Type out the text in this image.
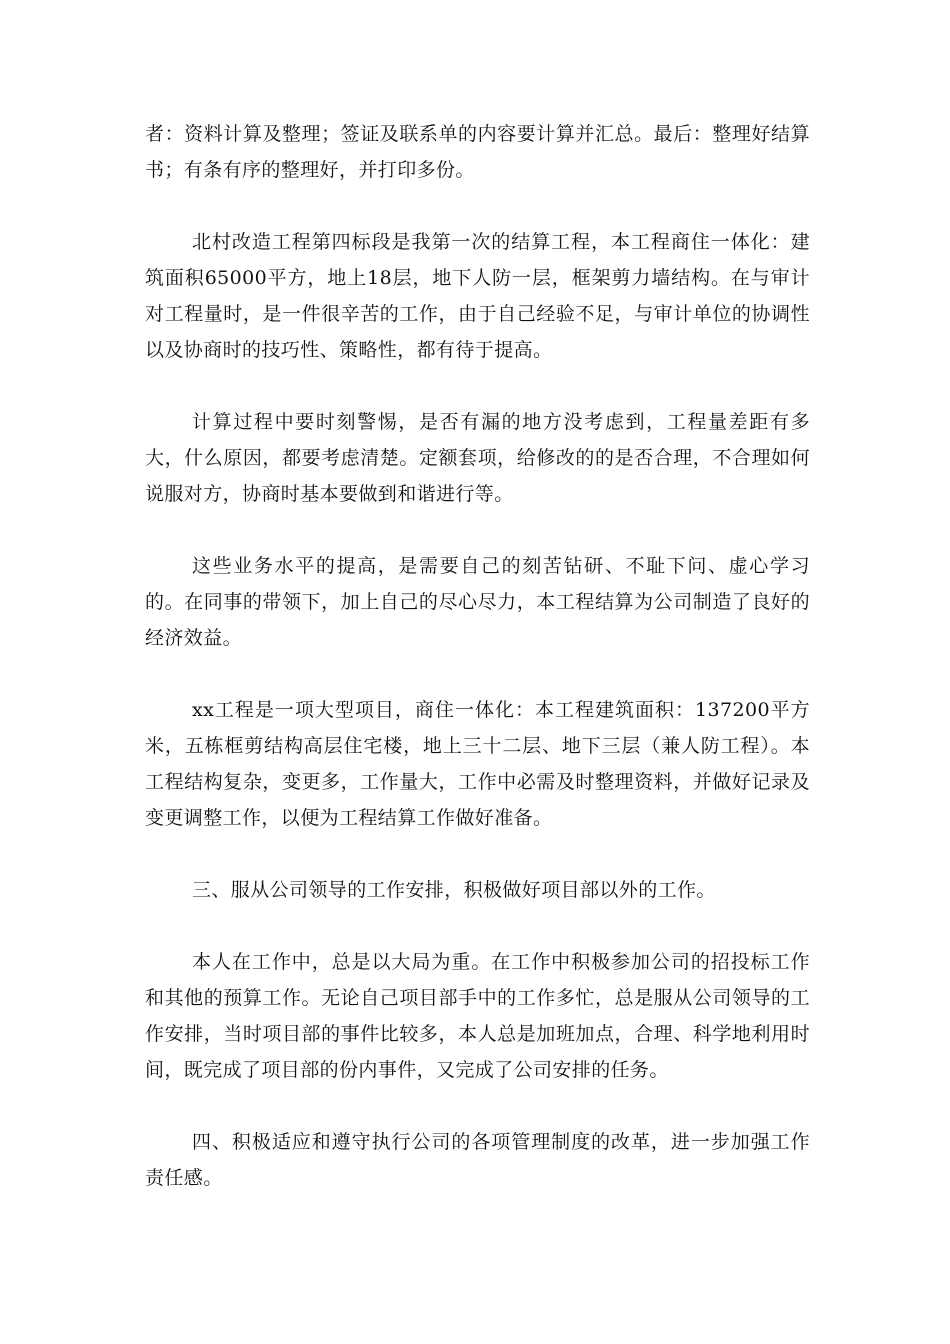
者：资料计算及整理；签证及联系单的内容要计算并汇总。最后：整理好结算书；有条有序的整理好，并打印多份。

北村改造工程第四标段是我第一次的结算工程，本工程商住一体化：建筑面积65000平方，地上18层，地下人防一层，框架剪力墙结构。在与审计对工程量时，是一件很辛苦的工作，由于自己经验不足，与审计单位的协调性以及协商时的技巧性、策略性，都有待于提高。

计算过程中要时刻警惕，是否有漏的地方没考虑到，工程量差距有多大，什么原因，都要考虑清楚。定额套项，给修改的的是否合理，不合理如何说服对方，协商时基本要做到和谐进行等。

这些业务水平的提高，是需要自己的刻苦钻研、不耻下问、虚心学习的。在同事的带领下，加上自己的尽心尽力，本工程结算为公司制造了良好的经济效益。

xx工程是一项大型项目，商住一体化：本工程建筑面积：137200平方米，五栋框剪结构高层住宅楼，地上三十二层、地下三层（兼人防工程）。本工程结构复杂，变更多，工作量大，工作中必需及时整理资料，并做好记录及变更调整工作，以便为工程结算工作做好准备。

三、服从公司领导的工作安排，积极做好项目部以外的工作。

本人在工作中，总是以大局为重。在工作中积极参加公司的招投标工作和其他的预算工作。无论自己项目部手中的工作多忙，总是服从公司领导的工作安排，当时项目部的事件比较多，本人总是加班加点，合理、科学地利用时间，既完成了项目部的份内事件，又完成了公司安排的任务。

四、积极适应和遵守执行公司的各项管理制度的改革，进一步加强工作责任感。
